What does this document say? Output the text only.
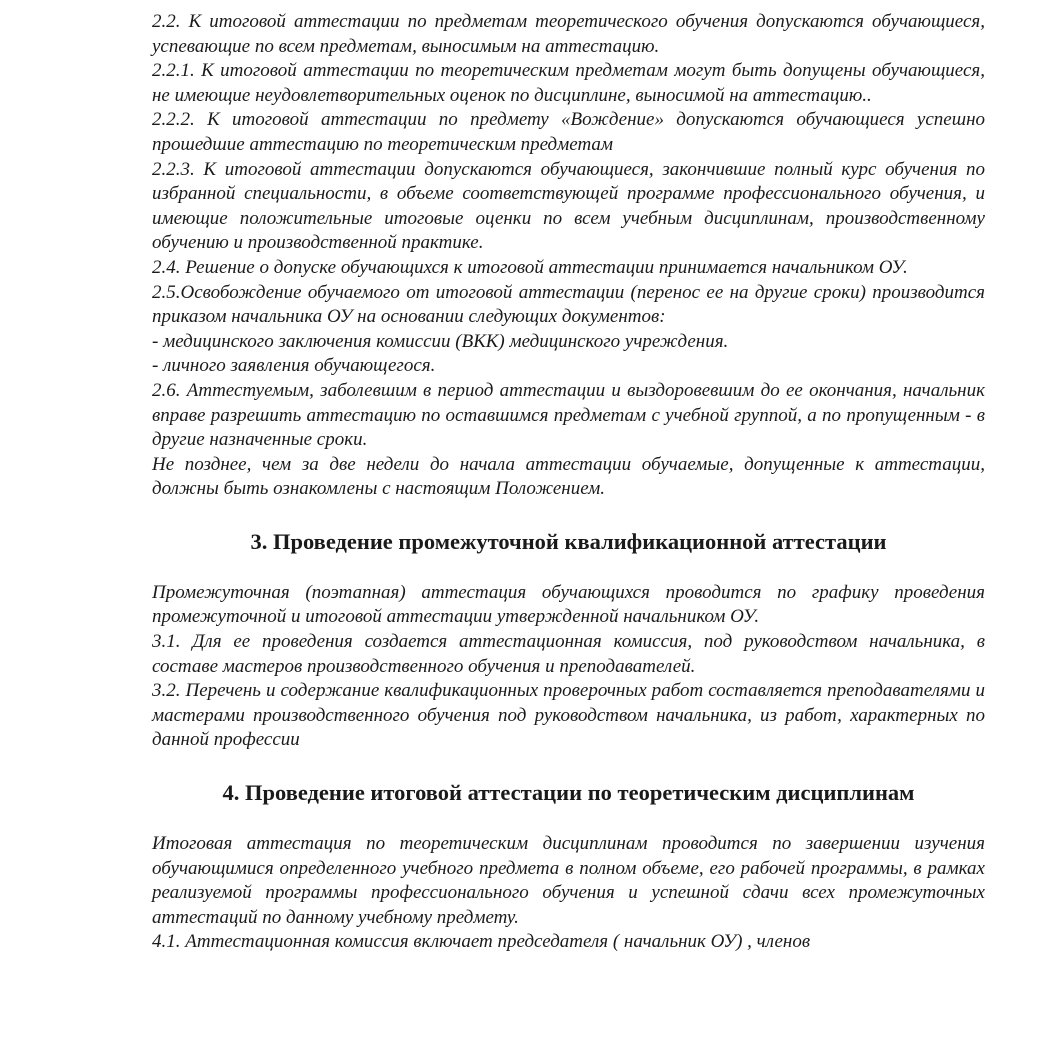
2.2. К итоговой аттестации по предметам теоретического обучения допускаются обучающиеся, успевающие по всем предметам, выносимым на аттестацию.

2.2.1. К итоговой аттестации по теоретическим предметам могут быть допущены обучающиеся, не имеющие неудовлетворительных оценок по дисциплине, выносимой на аттестацию..

2.2.2. К итоговой аттестации по предмету «Вождение» допускаются обучающиеся успешно прошедшие аттестацию по теоретическим предметам

2.2.3. К итоговой аттестации допускаются обучающиеся, закончившие полный курс обучения по избранной специальности, в объеме соответствующей программе профессионального обучения, и имеющие положительные итоговые оценки по всем учебным дисциплинам, производственному обучению и производственной практике.

2.4. Решение о допуске обучающихся к итоговой аттестации принимается начальником ОУ.

2.5.Освобождение обучаемого от итоговой аттестации (перенос ее на другие сроки) производится приказом начальника ОУ на основании следующих документов:

- медицинского заключения комиссии (ВКК) медицинского учреждения.

- личного заявления обучающегося.

2.6. Аттестуемым, заболевшим в период аттестации и выздоровевшим до ее окончания, начальник вправе разрешить аттестацию по оставшимся предметам с учебной группой, а по пропущенным - в другие назначенные сроки.

Не позднее, чем за две недели до начала аттестации обучаемые, допущенные к аттестации, должны быть ознакомлены с настоящим Положением.

3. Проведение промежуточной квалификационной аттестации

Промежуточная (поэтапная) аттестация обучающихся проводится по графику проведения промежуточной и итоговой аттестации утвержденной начальником ОУ.

3.1. Для ее проведения создается аттестационная комиссия, под руководством начальника, в составе мастеров производственного обучения и преподавателей.

3.2. Перечень и содержание квалификационных проверочных работ составляется преподавателями и мастерами производственного обучения под руководством начальника, из работ, характерных по данной профессии

4. Проведение итоговой аттестации по теоретическим дисциплинам

Итоговая аттестация по теоретическим дисциплинам проводится по завершении изучения обучающимися определенного учебного предмета в полном объеме, его рабочей программы, в рамках реализуемой программы профессионального обучения и успешной сдачи всех промежуточных аттестаций по данному учебному предмету.

4.1. Аттестационная комиссия включает председателя ( начальник ОУ) , членов
